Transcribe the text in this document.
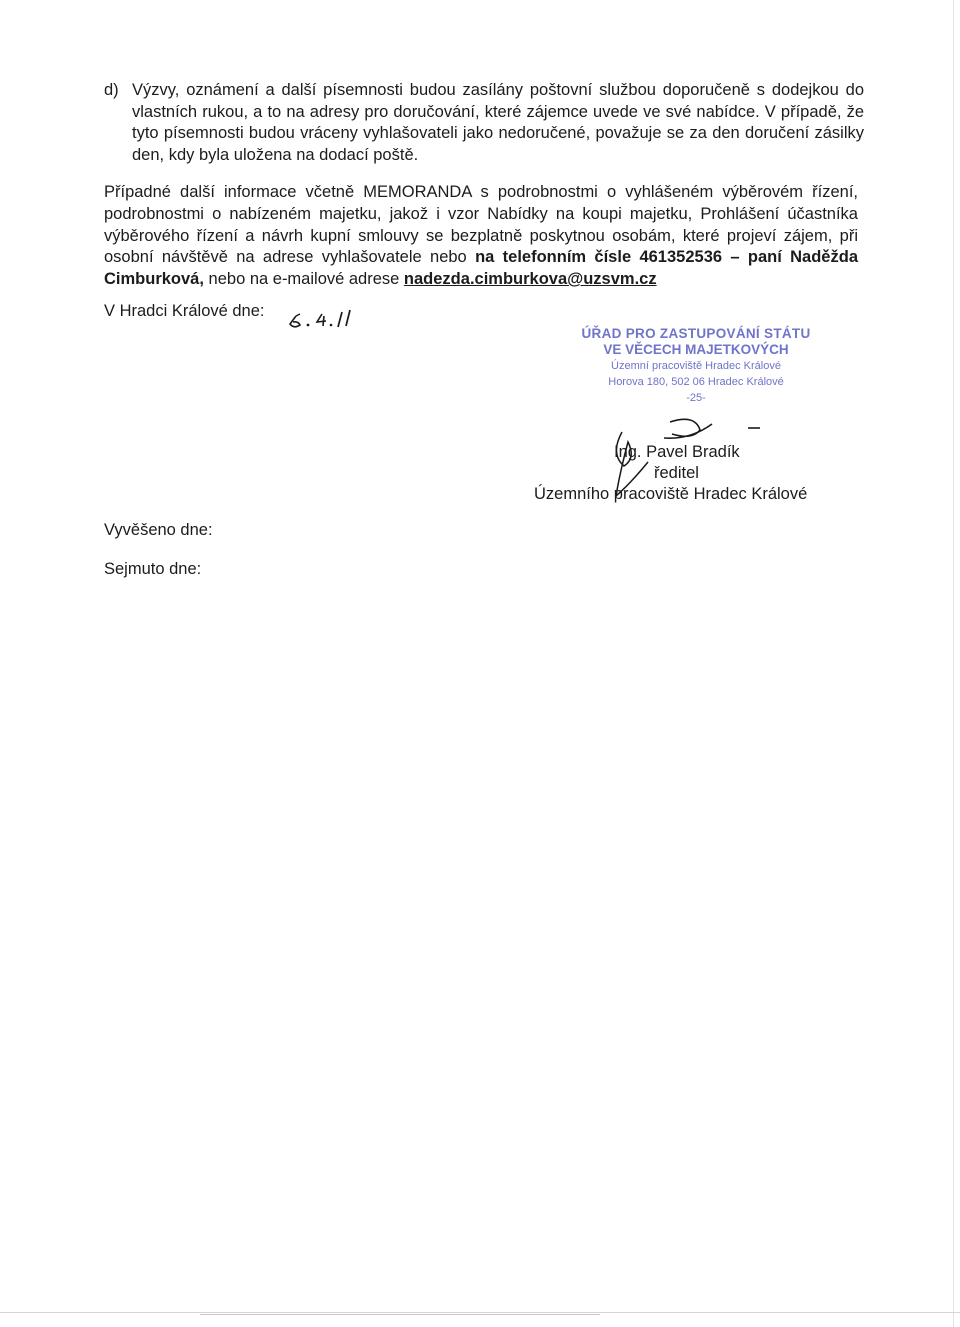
d) Výzvy, oznámení a další písemnosti budou zasílány poštovní službou doporučeně s dodejkou do vlastních rukou, a to na adresy pro doručování, které zájemce uvede ve své nabídce. V případě, že tyto písemnosti budou vráceny vyhlašovateli jako nedoručené, považuje se za den doručení zásilky den, kdy byla uložena na dodací poště.
Případné další informace včetně MEMORANDA s podrobnostmi o vyhlášeném výběrovém řízení, podrobnostmi o nabízeném majetku, jakož i vzor Nabídky na koupi majetku, Prohlášení účastníka výběrového řízení a návrh kupní smlouvy se bezplatně poskytnou osobám, které projeví zájem, při osobní návštěvě na adrese vyhlašovatele nebo na telefonním čísle 461352536 – paní Naděžda Cimburková, nebo na e-mailové adrese nadezda.cimburkova@uzsvm.cz
V Hradci Králové dne:
ÚŘAD PRO ZASTUPOVÁNÍ STÁTU
VE VĚCECH MAJETKOVÝCH
Územní pracoviště Hradec Králové
Horova 180, 502 06 Hradec Králové
-25-
Ing. Pavel Bradík
ředitel
Územního pracoviště Hradec Králové
Vyvěšeno dne:
Sejmuto dne:
